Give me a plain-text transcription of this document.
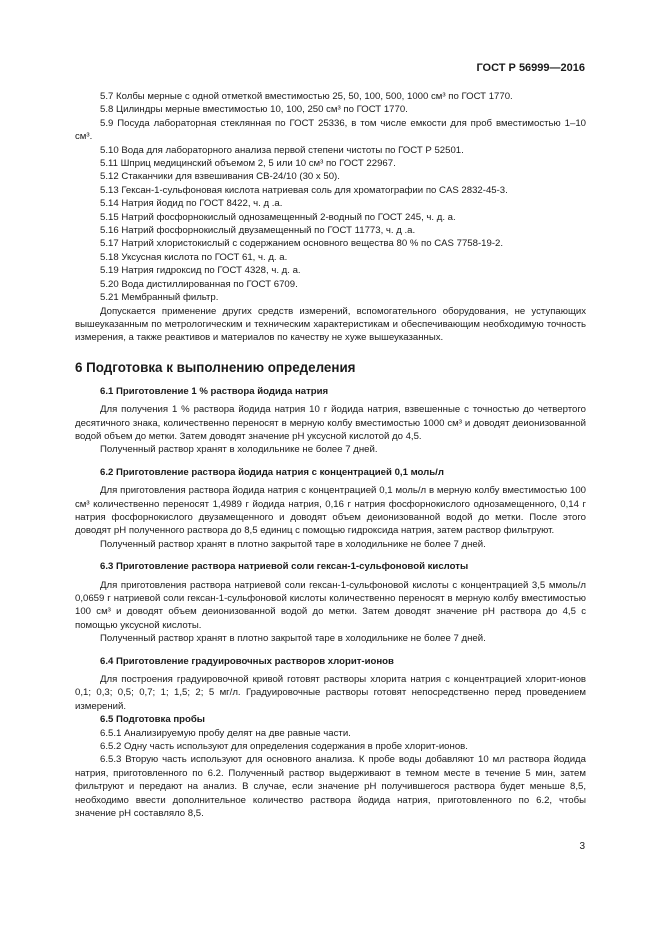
ГОСТ Р 56999—2016

5.7 Колбы мерные с одной отметкой вместимостью 25, 50, 100, 500, 1000 см³ по ГОСТ 1770.

5.8 Цилиндры мерные вместимостью 10, 100, 250 см³ по ГОСТ 1770.

5.9 Посуда лабораторная стеклянная по ГОСТ 25336, в том числе емкости для проб вместимостью 1–10 см³.

5.10 Вода для лабораторного анализа первой степени чистоты по ГОСТ Р 52501.

5.11 Шприц медицинский объемом 2, 5 или 10 см³ по ГОСТ 22967.

5.12 Стаканчики для взвешивания СВ-24/10 (30 х 50).

5.13 Гексан-1-сульфоновая кислота натриевая соль для хроматографии по CAS 2832-45-3.

5.14 Натрия йодид по ГОСТ 8422, ч. д .а.

5.15 Натрий фосфорнокислый однозамещенный 2-водный по ГОСТ 245, ч. д. а.

5.16 Натрий фосфорнокислый двузамещенный по ГОСТ 11773, ч. д .а.

5.17 Натрий хлористокислый с содержанием основного вещества 80 % по CAS 7758-19-2.

5.18 Уксусная кислота по ГОСТ 61, ч. д. а.

5.19 Натрия гидроксид по ГОСТ 4328, ч. д. а.

5.20 Вода дистиллированная по ГОСТ 6709.

5.21 Мембранный фильтр.

Допускается применение других средств измерений, вспомогательного оборудования, не уступающих вышеуказанным по метрологическим и техническим характеристикам и обеспечивающим необходимую точность измерения, а также реактивов и материалов по качеству не хуже вышеуказанных.

6 Подготовка к выполнению определения

6.1 Приготовление 1 % раствора йодида натрия

Для получения 1 % раствора йодида натрия 10 г йодида натрия, взвешенные с точностью до четвертого десятичного знака, количественно переносят в мерную колбу вместимостью 1000 см³ и доводят деионизованной водой объем до метки. Затем доводят значение pH уксусной кислотой до 4,5.

Полученный раствор хранят в холодильнике не более 7 дней.

6.2 Приготовление раствора йодида натрия с концентрацией 0,1 моль/л

Для приготовления раствора йодида натрия с концентрацией 0,1 моль/л в мерную колбу вместимостью 100 см³ количественно переносят 1,4989 г йодида натрия, 0,16 г натрия фосфорнокислого однозамещенного, 0,14 г натрия фосфорнокислого двузамещенного и доводят объем деионизованной водой до метки. После этого доводят pH полученного раствора до 8,5 единиц с помощью гидроксида натрия, затем раствор фильтруют.

Полученный раствор хранят в плотно закрытой таре в холодильнике не более 7 дней.

6.3 Приготовление раствора натриевой соли гексан-1-сульфоновой кислоты

Для приготовления раствора натриевой соли гексан-1-сульфоновой кислоты с концентрацией 3,5 ммоль/л 0,0659 г натриевой соли гексан-1-сульфоновой кислоты количественно переносят в мерную колбу вместимостью 100 см³ и доводят объем деионизованной водой до метки. Затем доводят значение pH раствора до 4,5 с помощью уксусной кислоты.

Полученный раствор хранят в плотно закрытой таре в холодильнике не более 7 дней.

6.4 Приготовление градуировочных растворов хлорит-ионов

Для построения градуировочной кривой готовят растворы хлорита натрия с концентрацией хлорит-ионов 0,1; 0,3; 0,5; 0,7; 1; 1,5; 2; 5 мг/л. Градуировочные растворы готовят непосредственно перед проведением измерений.

6.5 Подготовка пробы

6.5.1 Анализируемую пробу делят на две равные части.

6.5.2 Одну часть используют для определения содержания в пробе хлорит-ионов.

6.5.3 Вторую часть используют для основного анализа. К пробе воды добавляют 10 мл раствора йодида натрия, приготовленного по 6.2. Полученный раствор выдерживают в темном месте в течение 5 мин, затем фильтруют и передают на анализ. В случае, если значение pH получившегося раствора будет меньше 8,5, необходимо ввести дополнительное количество раствора йодида натрия, приготовленного по 6.2, чтобы значение pH составляло 8,5.

3
